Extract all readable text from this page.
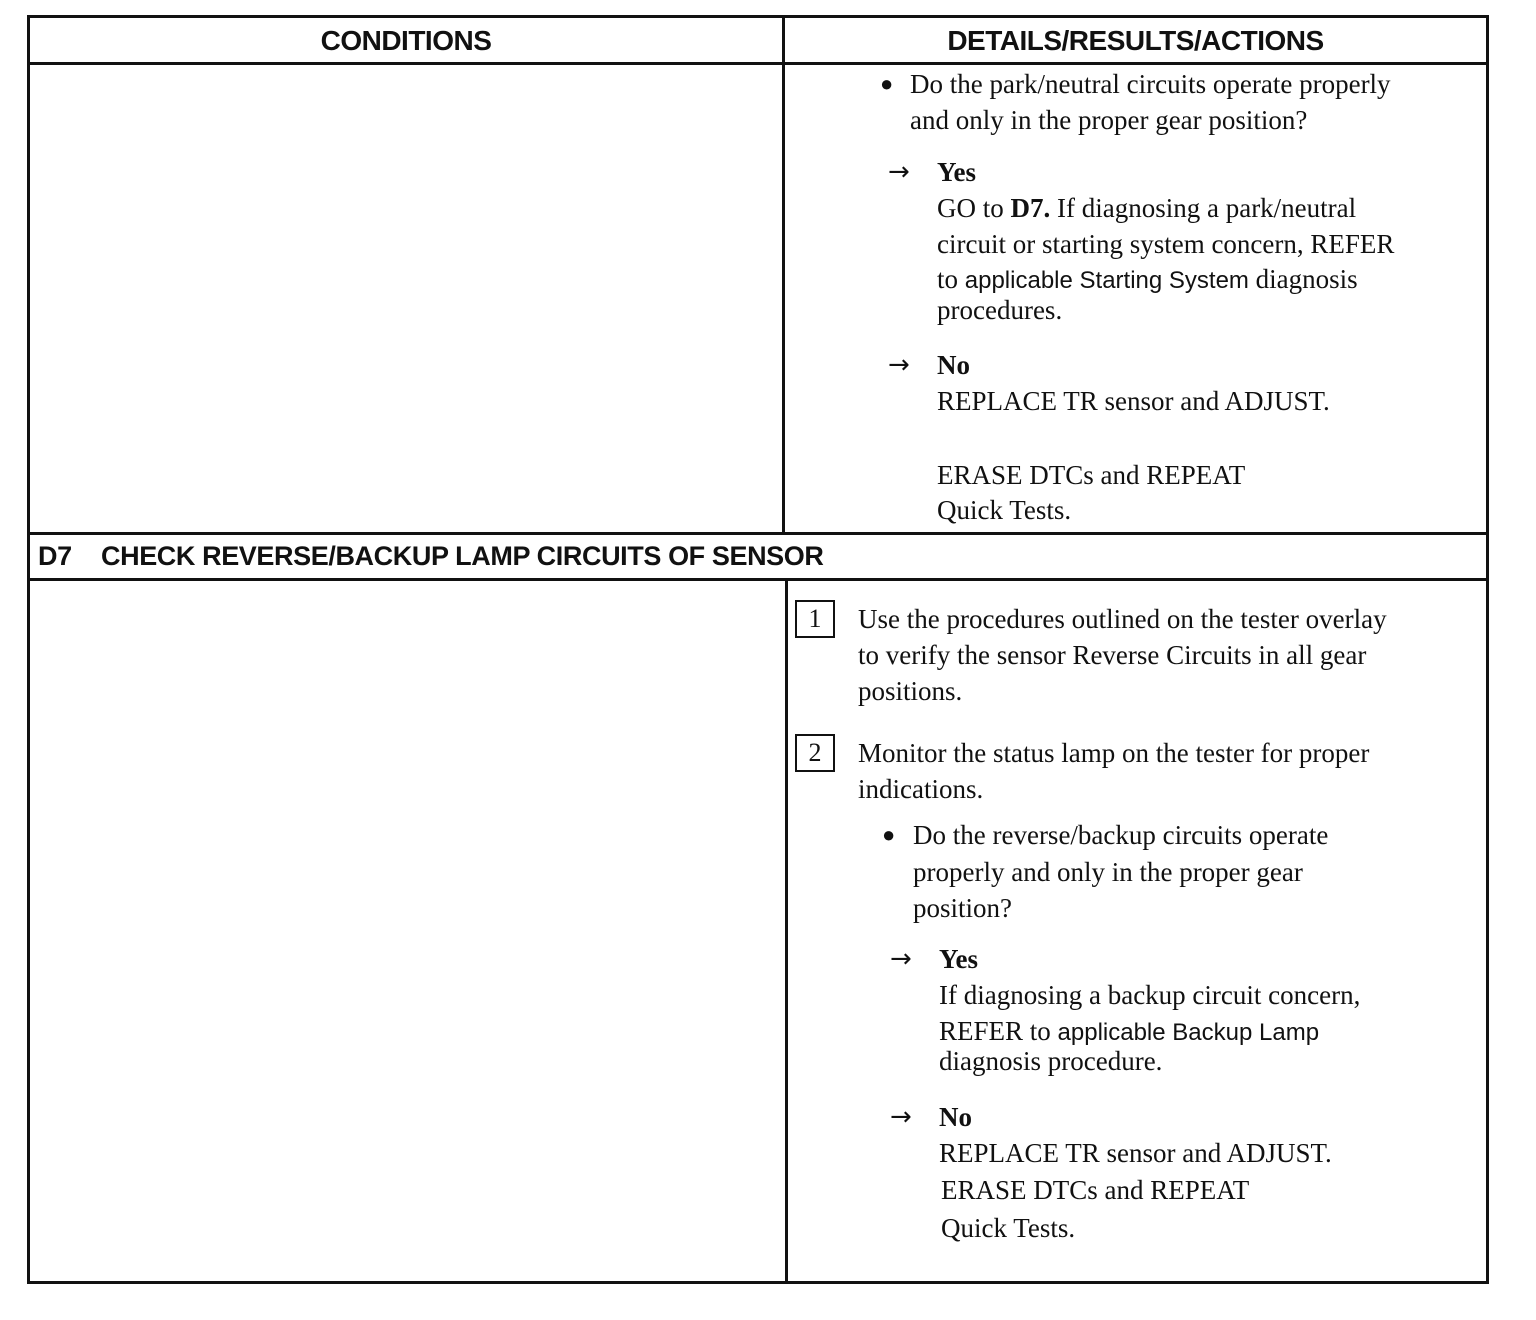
CONDITIONS	DETAILS/RESULTS/ACTIONS
● Do the park/neutral circuits operate properly
and only in the proper gear position?
→ Yes
GO to D7. If diagnosing a park/neutral
circuit or starting system concern, REFER
to applicable Starting System diagnosis
procedures.
→ No
REPLACE TR sensor and ADJUST.
ERASE DTCs and REPEAT
Quick Tests.
D7 CHECK REVERSE/BACKUP LAMP CIRCUITS OF SENSOR
1	Use the procedures outlined on the tester overlay
to verify the sensor Reverse Circuits in all gear
positions.
2	Monitor the status lamp on the tester for proper
indications.
● Do the reverse/backup circuits operate
properly and only in the proper gear
position?
→ Yes
If diagnosing a backup circuit concern,
REFER to applicable Backup Lamp
diagnosis procedure.
→ No
REPLACE TR sensor and ADJUST.
ERASE DTCs and REPEAT
Quick Tests.
